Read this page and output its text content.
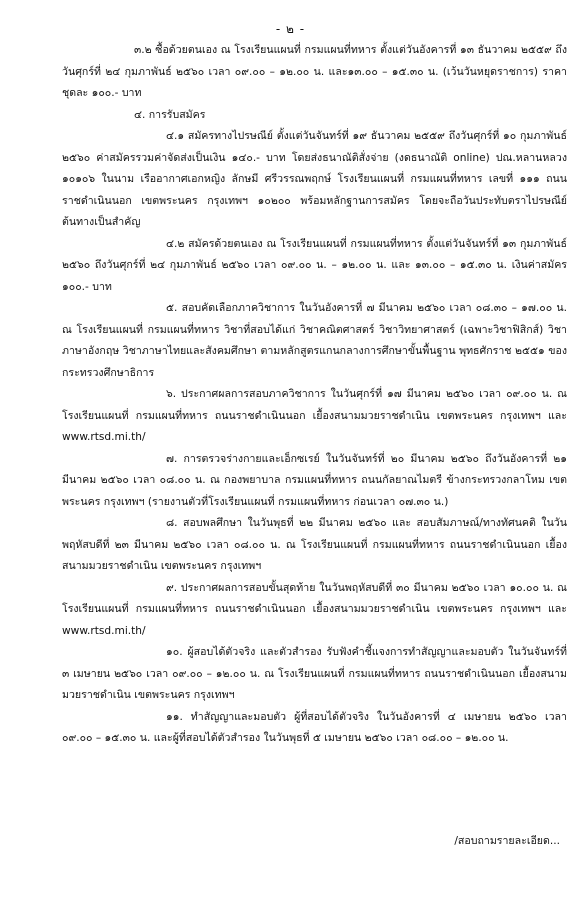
- ๒ -

๓.๒ ซื้อด้วยตนเอง ณ โรงเรียนแผนที่ กรมแผนที่ทหาร ตั้งแต่วันอังคารที่ ๑๓ ธันวาคม ๒๕๕๙ ถึงวันศุกร์ที่ ๒๔ กุมภาพันธ์ ๒๕๖๐ เวลา ๐๙.๐๐ – ๑๒.๐๐ น. และ๑๓.๐๐ – ๑๕.๓๐ น. (เว้นวันหยุดราชการ) ราคาชุดละ ๑๐๐.- บาท

๔. การรับสมัคร

๔.๑ สมัครทางไปรษณีย์ ตั้งแต่วันจันทร์ที่ ๑๙ ธันวาคม ๒๕๕๙ ถึงวันศุกร์ที่ ๑๐ กุมภาพันธ์ ๒๕๖๐ ค่าสมัครรวมค่าจัดส่งเป็นเงิน ๑๔๐.- บาท โดยส่งธนาณัติสั่งจ่าย (งดธนาณัติ online) ปณ.หลานหลวง ๑๐๑๐๖ ในนาม เรืออากาศเอกหญิง ลักษมี ศรีวรรณพฤกษ์ โรงเรียนแผนที่ กรมแผนที่ทหาร เลขที่ ๑๑๑ ถนนราชดำเนินนอก เขตพระนคร กรุงเทพฯ ๑๐๒๐๐ พร้อมหลักฐานการสมัคร โดยจะถือวันประทับตราไปรษณีย์ต้นทางเป็นสำคัญ

๔.๒ สมัครด้วยตนเอง ณ โรงเรียนแผนที่ กรมแผนที่ทหาร ตั้งแต่วันจันทร์ที่ ๑๓ กุมภาพันธ์ ๒๕๖๐ ถึงวันศุกร์ที่ ๒๔ กุมภาพันธ์ ๒๕๖๐ เวลา ๐๙.๐๐ น. – ๑๒.๐๐ น. และ ๑๓.๐๐ – ๑๕.๓๐ น. เงินค่าสมัคร ๑๐๐.- บาท

๕. สอบคัดเลือกภาควิชาการ ในวันอังคารที่ ๗ มีนาคม ๒๕๖๐ เวลา ๐๘.๓๐ – ๑๗.๐๐ น. ณ โรงเรียนแผนที่ กรมแผนที่ทหาร วิชาที่สอบได้แก่ วิชาคณิตศาสตร์ วิชาวิทยาศาสตร์ (เฉพาะวิชาฟิสิกส์) วิชาภาษาอังกฤษ วิชาภาษาไทยและสังคมศึกษา ตามหลักสูตรแกนกลางการศึกษาขั้นพื้นฐาน พุทธศักราช ๒๕๕๑ ของกระทรวงศึกษาธิการ

๖. ประกาศผลการสอบภาควิชาการ ในวันศุกร์ที่ ๑๗ มีนาคม ๒๕๖๐ เวลา ๐๙.๐๐ น. ณ โรงเรียนแผนที่ กรมแผนที่ทหาร ถนนราชดำเนินนอก เยื้องสนามมวยราชดำเนิน เขตพระนคร กรุงเทพฯ และ www.rtsd.mi.th/

๗. การตรวจร่างกายและเอ็กซเรย์ ในวันจันทร์ที่ ๒๐ มีนาคม ๒๕๖๐ ถึงวันอังคารที่ ๒๑ มีนาคม ๒๕๖๐ เวลา ๐๘.๐๐ น. ณ กองพยาบาล กรมแผนที่ทหาร ถนนกัลยาณไมตรี ข้างกระทรวงกลาโหม เขตพระนคร กรุงเทพฯ (รายงานตัวที่โรงเรียนแผนที่ กรมแผนที่ทหาร ก่อนเวลา ๐๗.๓๐ น.)

๘. สอบพลศึกษา ในวันพุธที่ ๒๒ มีนาคม ๒๕๖๐ และ สอบสัมภาษณ์/ทางทัศนคติ ในวันพฤหัสบดีที่ ๒๓ มีนาคม ๒๕๖๐ เวลา ๐๘.๐๐ น. ณ โรงเรียนแผนที่ กรมแผนที่ทหาร ถนนราชดำเนินนอก เยื้องสนามมวยราชดำเนิน เขตพระนคร กรุงเทพฯ

๙. ประกาศผลการสอบขั้นสุดท้าย ในวันพฤหัสบดีที่ ๓๐ มีนาคม ๒๕๖๐ เวลา ๑๐.๐๐ น. ณ โรงเรียนแผนที่ กรมแผนที่ทหาร ถนนราชดำเนินนอก เยื้องสนามมวยราชดำเนิน เขตพระนคร กรุงเทพฯ และ www.rtsd.mi.th/

๑๐. ผู้สอบได้ตัวจริง และตัวสำรอง รับฟังคำชี้แจงการทำสัญญาและมอบตัว ในวันจันทร์ที่ ๓ เมษายน ๒๕๖๐ เวลา ๐๙.๐๐ – ๑๒.๐๐ น. ณ โรงเรียนแผนที่ กรมแผนที่ทหาร ถนนราชดำเนินนอก เยื้องสนามมวยราชดำเนิน เขตพระนคร กรุงเทพฯ

๑๑. ทำสัญญาและมอบตัว ผู้ที่สอบได้ตัวจริง ในวันอังคารที่ ๔ เมษายน ๒๕๖๐ เวลา ๐๙.๐๐ – ๑๕.๓๐ น. และผู้ที่สอบได้ตัวสำรอง ในวันพุธที่ ๕ เมษายน ๒๕๖๐ เวลา ๐๘.๐๐ – ๑๒.๐๐ น.

/สอบถามรายละเอียด...
